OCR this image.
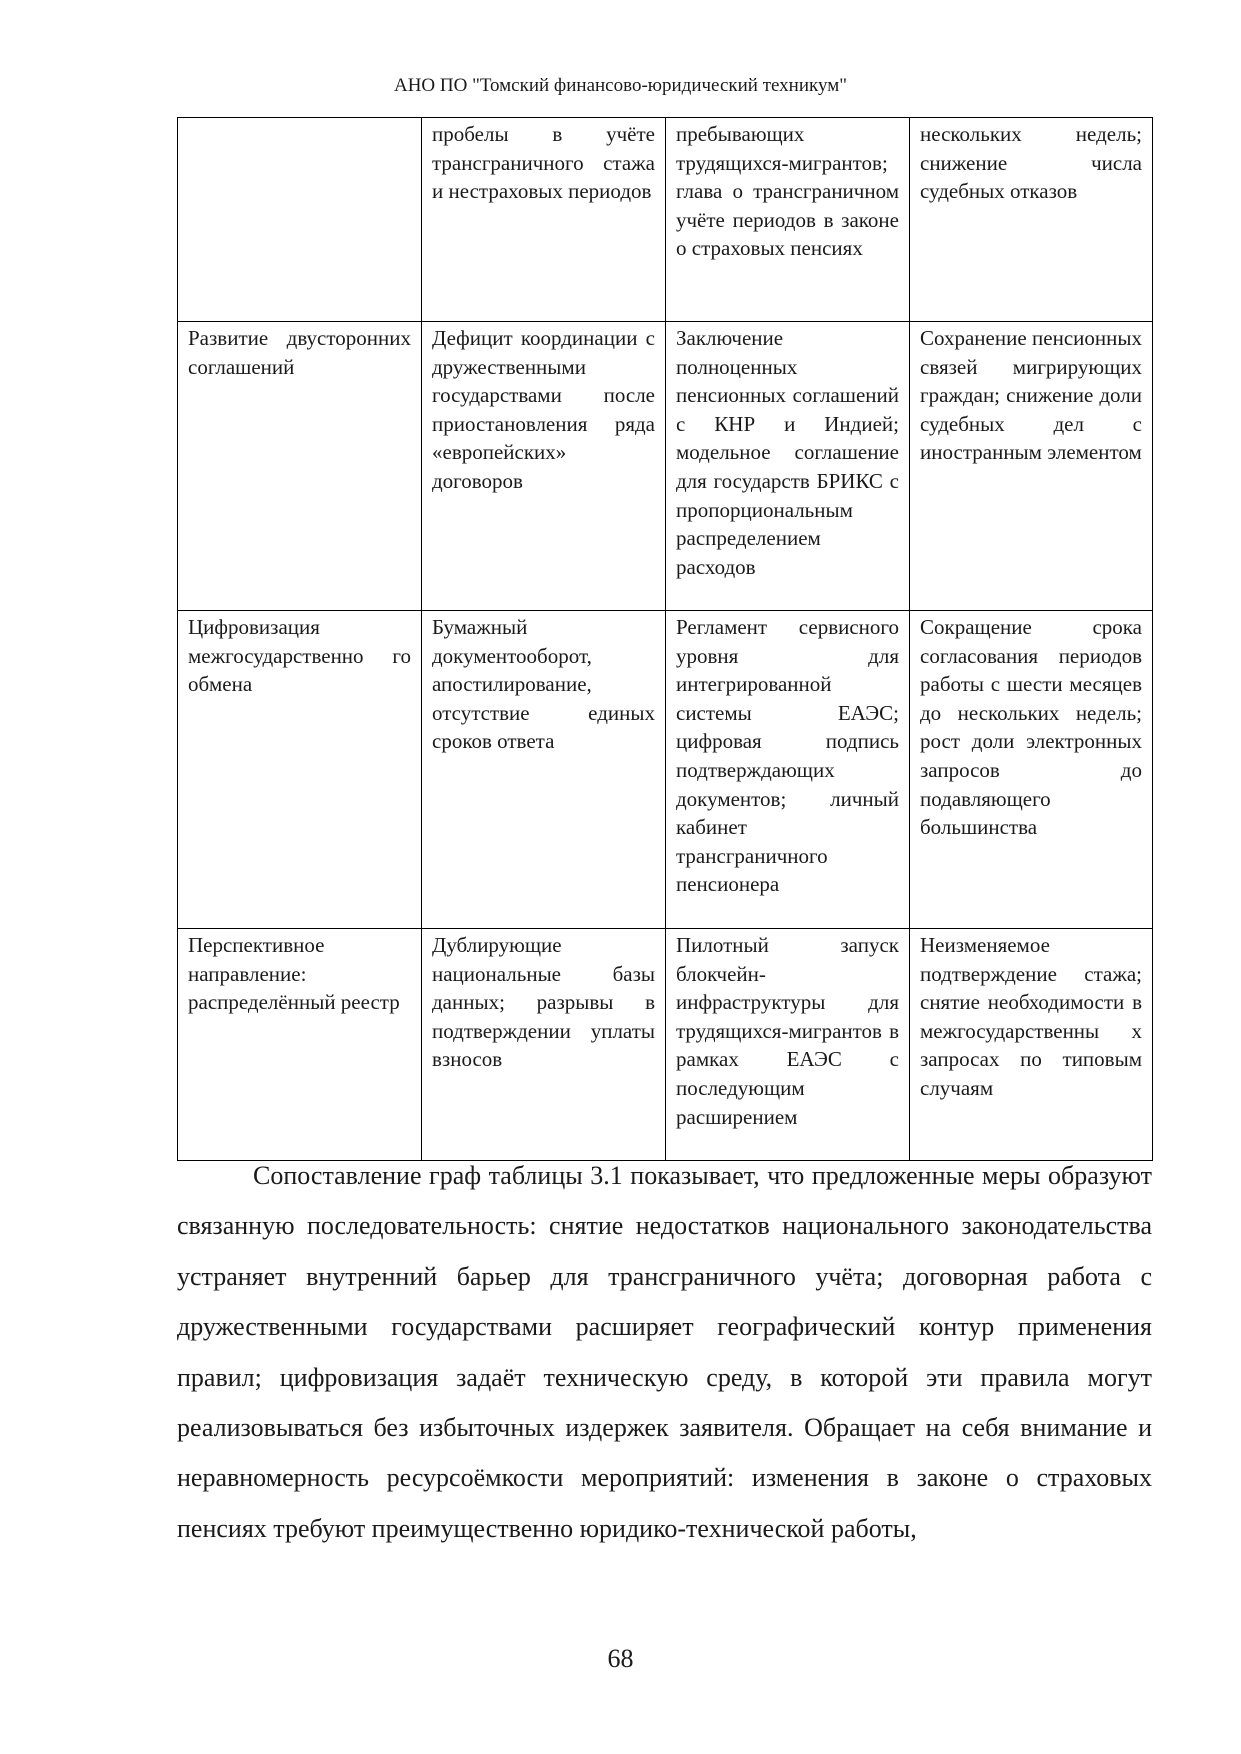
АНО ПО "Томский финансово-юридический техникум"
	пробелы в учёте трансграничного стажа и нестраховых периодов	пребывающих трудящихся-мигрантов; глава о трансграничном учёте периодов в законе о страховых пенсиях	нескольких недель; снижение числа судебных отказов
Развитие двусторонних соглашений	Дефицит координации с дружественными государствами после приостановления ряда «европейских» договоров	Заключение полноценных пенсионных соглашений с КНР и Индией; модельное соглашение для государств БРИКС с пропорциональным распределением расходов	Сохранение пенсионных связей мигрирующих граждан; снижение доли судебных дел с иностранным элементом
Цифровизация межгосударственно го обмена	Бумажный документооборот, апостилирование, отсутствие единых сроков ответа	Регламент сервисного уровня для интегрированной системы ЕАЭС; цифровая подпись подтверждающих документов; личный кабинет трансграничного пенсионера	Сокращение срока согласования периодов работы с шести месяцев до нескольких недель; рост доли электронных запросов до подавляющего большинства
Перспективное направление: распределённый реестр	Дублирующие национальные базы данных; разрывы в подтверждении уплаты взносов	Пилотный запуск блокчейн-инфраструктуры для трудящихся-мигрантов в рамках ЕАЭС с последующим расширением	Неизменяемое подтверждение стажа; снятие необходимости в межгосударственны х запросах по типовым случаям

Сопоставление граф таблицы 3.1 показывает, что предложенные меры образуют связанную последовательность: снятие недостатков национального законодательства устраняет внутренний барьер для трансграничного учёта; договорная работа с дружественными государствами расширяет географический контур применения правил; цифровизация задаёт техническую среду, в которой эти правила могут реализовываться без избыточных издержек заявителя. Обращает на себя внимание и неравномерность ресурсоёмкости мероприятий: изменения в законе о страховых пенсиях требуют преимущественно юридико-технической работы,

68
